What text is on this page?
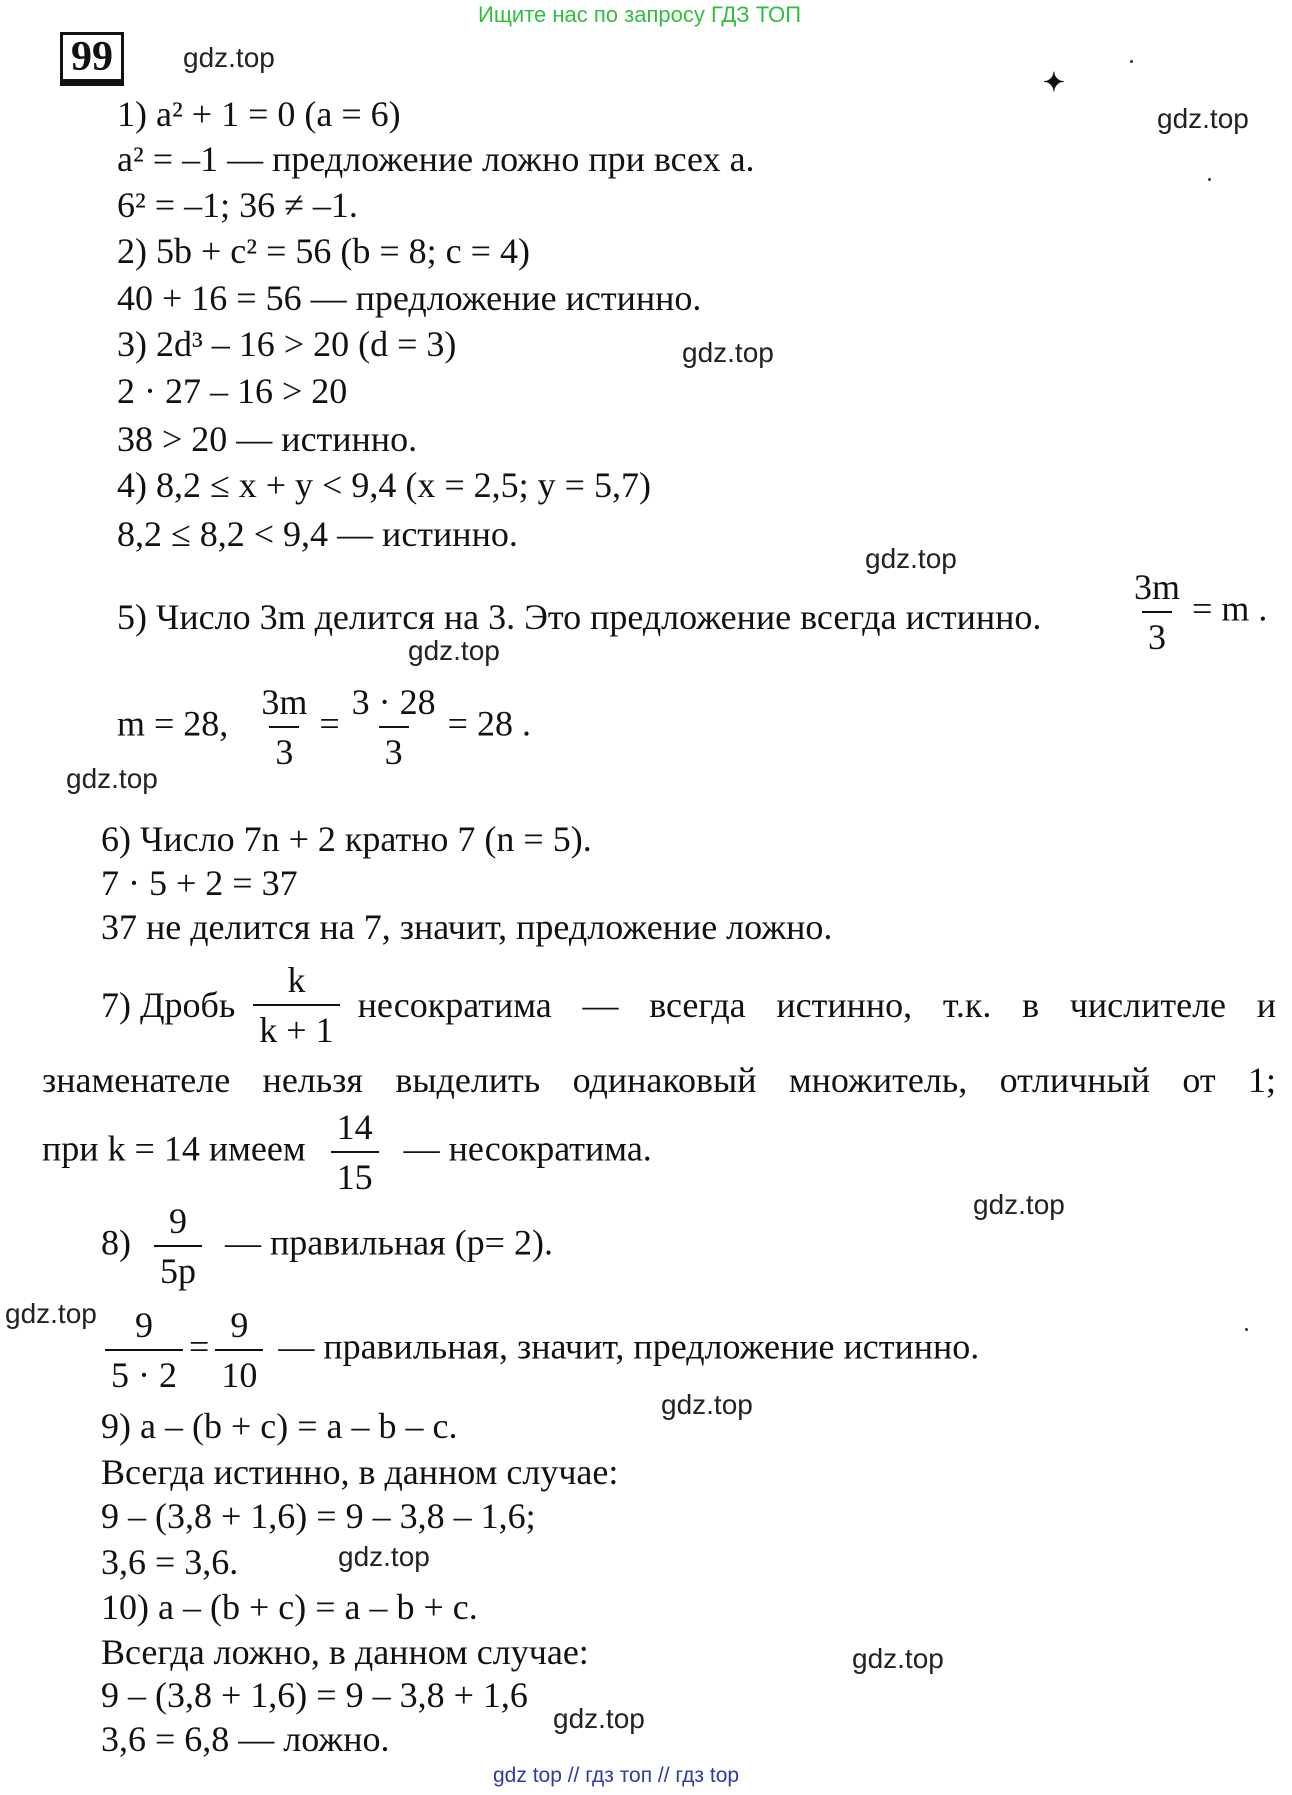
Ищите нас по запросу ГДЗ ТОП
gdz top // гдз топ // гдз top
99	gdz.top
gdz.top
gdz.top
gdz.top
gdz.top
gdz.top
gdz.top
gdz.top
gdz.top
gdz.top
gdz.top
gdz.top
✦
1) a² + 1 = 0 (a = 6)
a² = –1 — предложение ложно при всех a.
6² = –1; 36 ≠ –1.
2) 5b + c² = 56 (b = 8; c = 4)
40 + 16 = 56 — предложение истинно.
3) 2d³ – 16 > 20 (d = 3)
2 · 27 – 16 > 20
38 > 20 — истинно.
4) 8,2 ≤ x + y < 9,4 (x = 2,5; y = 5,7)
8,2 ≤ 8,2 < 9,4 — истинно.
5) Число 3m делится на 3. Это предложение всегда истинно. $\frac{3m}{3} = m$ .
m = 28, $\frac{3m}{3} = \frac{3 \cdot 28}{3} = 28$ .
6) Число 7n + 2 кратно 7 (n = 5).
7 · 5 + 2 = 37
37 не делится на 7, значит, предложение ложно.
7) Дробь $\frac{k}{k + 1}$ несократима — всегда истинно, т.к. в числителе и
знаменателе нельзя выделить одинаковый множитель, отличный от 1;
при k = 14 имеем $\frac{14}{15}$ — несократима.
$8) \frac{9}{5p}$ — правильная (p= 2).
$\frac{9}{5 \cdot 2} = \frac{9}{10}$ — правильная, значит, предложение истинно.
9) a – (b + c) = a – b – c.
Всегда истинно, в данном случае:
9 – (3,8 + 1,6) = 9 – 3,8 – 1,6;
3,6 = 3,6.
10) a – (b + c) = a – b + c.
Всегда ложно, в данном случае:
9 – (3,8 + 1,6) = 9 – 3,8 + 1,6
3,6 = 6,8 — ложно.
